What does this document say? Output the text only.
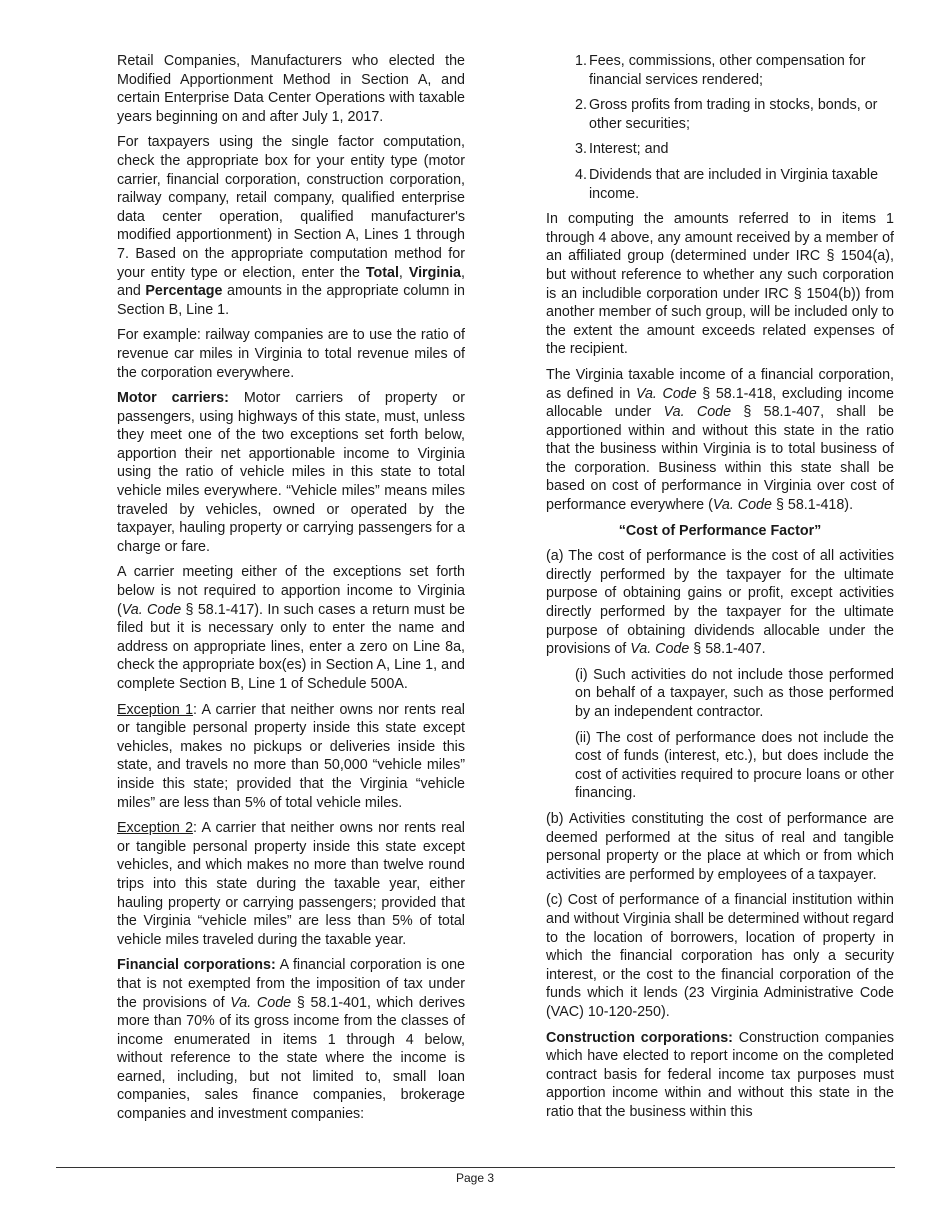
Retail Companies, Manufacturers who elected the Modified Apportionment Method in Section A, and certain Enterprise Data Center Operations with taxable years beginning on and after July 1, 2017.

For taxpayers using the single factor computation, check the appropriate box for your entity type (motor carrier, financial corporation, construction corporation, railway company, retail company, qualified enterprise data center operation, qualified manufacturer's modified apportionment) in Section A, Lines 1 through 7. Based on the appropriate computation method for your entity type or election, enter the Total, Virginia, and Percentage amounts in the appropriate column in Section B, Line 1.

For example: railway companies are to use the ratio of revenue car miles in Virginia to total revenue miles of the corporation everywhere.

Motor carriers: Motor carriers of property or passengers, using highways of this state, must, unless they meet one of the two exceptions set forth below, apportion their net apportionable income to Virginia using the ratio of vehicle miles in this state to total vehicle miles everywhere. “Vehicle miles” means miles traveled by vehicles, owned or operated by the taxpayer, hauling property or carrying passengers for a charge or fare.

A carrier meeting either of the exceptions set forth below is not required to apportion income to Virginia (Va. Code § 58.1-417). In such cases a return must be filed but it is necessary only to enter the name and address on appropriate lines, enter a zero on Line 8a, check the appropriate box(es) in Section A, Line 1, and complete Section B, Line 1 of Schedule 500A.

Exception 1: A carrier that neither owns nor rents real or tangible personal property inside this state except vehicles, makes no pickups or deliveries inside this state, and travels no more than 50,000 “vehicle miles” inside this state; provided that the Virginia “vehicle miles” are less than 5% of total vehicle miles.

Exception 2: A carrier that neither owns nor rents real or tangible personal property inside this state except vehicles, and which makes no more than twelve round trips into this state during the taxable year, either hauling property or carrying passengers; provided that the Virginia “vehicle miles” are less than 5% of total vehicle miles traveled during the taxable year.

Financial corporations: A financial corporation is one that is not exempted from the imposition of tax under the provisions of Va. Code § 58.1-401, which derives more than 70% of its gross income from the classes of income enumerated in items 1 through 4 below, without reference to the state where the income is earned, including, but not limited to, small loan companies, sales finance companies, brokerage companies and investment companies:

1. Fees, commissions, other compensation for financial services rendered;
2. Gross profits from trading in stocks, bonds, or other securities;
3. Interest; and
4. Dividends that are included in Virginia taxable income.

In computing the amounts referred to in items 1 through 4 above, any amount received by a member of an affiliated group (determined under IRC § 1504(a), but without reference to whether any such corporation is an includible corporation under IRC § 1504(b)) from another member of such group, will be included only to the extent the amount exceeds related expenses of the recipient.

The Virginia taxable income of a financial corporation, as defined in Va. Code § 58.1-418, excluding income allocable under Va. Code § 58.1-407, shall be apportioned within and without this state in the ratio that the business within Virginia is to total business of the corporation. Business within this state shall be based on cost of performance in Virginia over cost of performance everywhere (Va. Code § 58.1-418).

“Cost of Performance Factor”

(a) The cost of performance is the cost of all activities directly performed by the taxpayer for the ultimate purpose of obtaining gains or profit, except activities directly performed by the taxpayer for the ultimate purpose of obtaining dividends allocable under the provisions of Va. Code § 58.1-407.

(i) Such activities do not include those performed on behalf of a taxpayer, such as those performed by an independent contractor.

(ii) The cost of performance does not include the cost of funds (interest, etc.), but does include the cost of activities required to procure loans or other financing.

(b) Activities constituting the cost of performance are deemed performed at the situs of real and tangible personal property or the place at which or from which activities are performed by employees of a taxpayer.

(c) Cost of performance of a financial institution within and without Virginia shall be determined without regard to the location of borrowers, location of property in which the financial corporation has only a security interest, or the cost to the financial corporation of the funds which it lends (23 Virginia Administrative Code (VAC) 10-120-250).

Construction corporations: Construction companies which have elected to report income on the completed contract basis for federal income tax purposes must apportion income within and without this state in the ratio that the business within this

Page 3
